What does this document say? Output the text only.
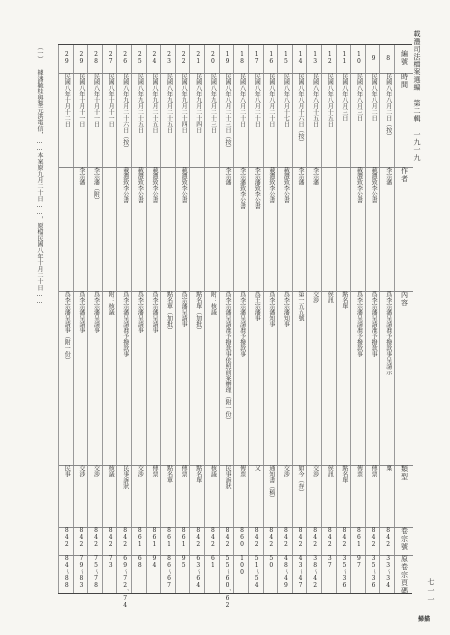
載灃司法檔案選編 第二輯 一九一九
（一） 據潘毓桂與黎元洪電信，……本案原九月二十日……，原檔民國八年十月二十日……	編號
時間
作者
內容
類型
卷宗號
原卷宗頁碼
8
民國八年八月二日（按）
李宗藩
爲李宗藩呈請准予撥款事呈請示
稟
842
33～34
9
民國八年八月二日
載灃致李公書
爲李宗藩呈請准予撥款事
傳票
842
35～36
10
民國八年八月三日
載灃致李公書
爲李宗藩呈請准予撥款事
傳票
861
97
11
民國八年八月三日
點名單
點名單
842
35～36
12
民國八年八月十五日
侯訊
侯訊
842
37
13
民國八年八月十五日
李宗藩
交涉
交涉
842
38～42
14
民國八年八月十六日（按）
李宗藩
第一五五號
如今（存）
842
43～47
15
民國八年八月十七日
載灃致李公書
爲李宗藩知事
交涉
842
48～49
16
民國八年八月二十日
載灃致李公書
爲李宗藩知事
通知書（稿）
842
50
17
民國八年八月二十日
李宗藩致李公書
爲王宗藩事
又
842
51～54
18
民國八年八月二十日
李宗藩致李公書
爲李宗藩呈請准予撥款事
傳票
860
100
19
民國八年八月二十三日（按）
李宗藩
爲李宗藩呈請准予撥款事依照前案辦理（附一份）
民事訴狀
842
55～60、62
20
民國八年九月二十三日
附：核議
核議
842
61
21
民國八年九月二十四日
點名單（加批）
點名單
842
63～64
22
民國八年九月二十四日
載灃致李公書
爲宗藩呈請事
傳票
861
95
23
民國八年九月二十五日
點名單（加批）
點名單
861
86～67
24
民國八年九月二十五日
載灃致李公書
爲李宗藩呈請事
傳票
861
94
25
民國八年九月二十五日
載灃致李公書
爲李宗藩呈請事
交涉
861
68
26
民國八年九月二十六日（按）
載灃致李公書
爲李宗藩呈請准予撥款事
民事訴狀
842
69～72、74
27
民國八年十月十一日
附：核議
核議
842
73
28
民國八年十月十一日
李宗藩（附）
爲李宗藩呈請事
交涉
842
75～78
29
民國八年十月十一日
李宗藩
爲李宗藩呈請事
交涉
842
79～83
29
民國八年十月十二日
爲李宗藩呈請事（附一份）
民事
842
84～88
七一一
掃描
